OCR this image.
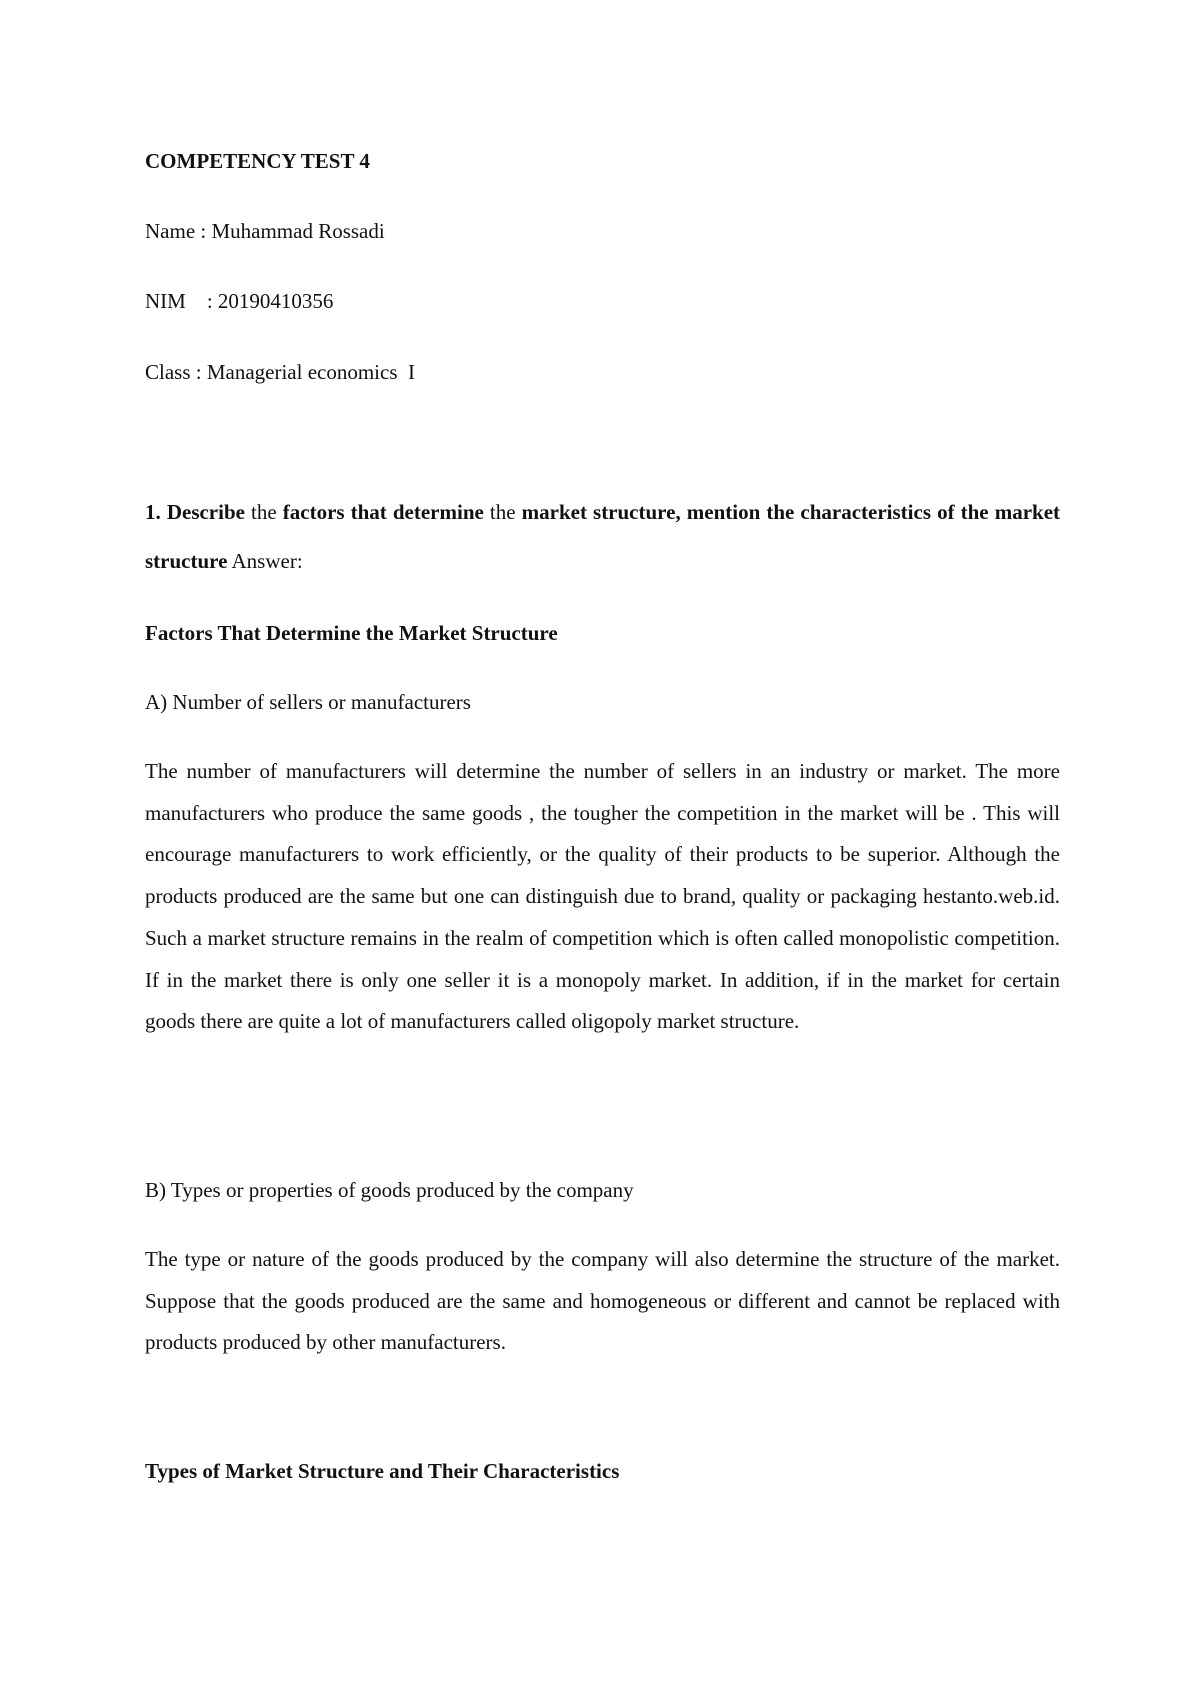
COMPETENCY TEST 4
Name : Muhammad Rossadi
NIM    : 20190410356
Class : Managerial economics  I
1. Describe the factors that determine the market structure, mention the characteristics of the market structure Answer:
Factors That Determine the Market Structure
A) Number of sellers or manufacturers
The number of manufacturers will determine the number of sellers in an industry or market. The more manufacturers who produce the same goods , the tougher the competition in the market will be . This will encourage manufacturers to work efficiently, or the quality of their products to be superior. Although the products produced are the same but one can distinguish due to brand, quality or packaging hestanto.web.id. Such a market structure remains in the realm of competition which is often called monopolistic competition. If in the market there is only one seller it is a monopoly market. In addition, if in the market for certain goods there are quite a lot of manufacturers called oligopoly market structure.
B) Types or properties of goods produced by the company
The type or nature of the goods produced by the company will also determine the structure of the market. Suppose that the goods produced are the same and homogeneous or different and cannot be replaced with products produced by other manufacturers.
Types of Market Structure and Their Characteristics
